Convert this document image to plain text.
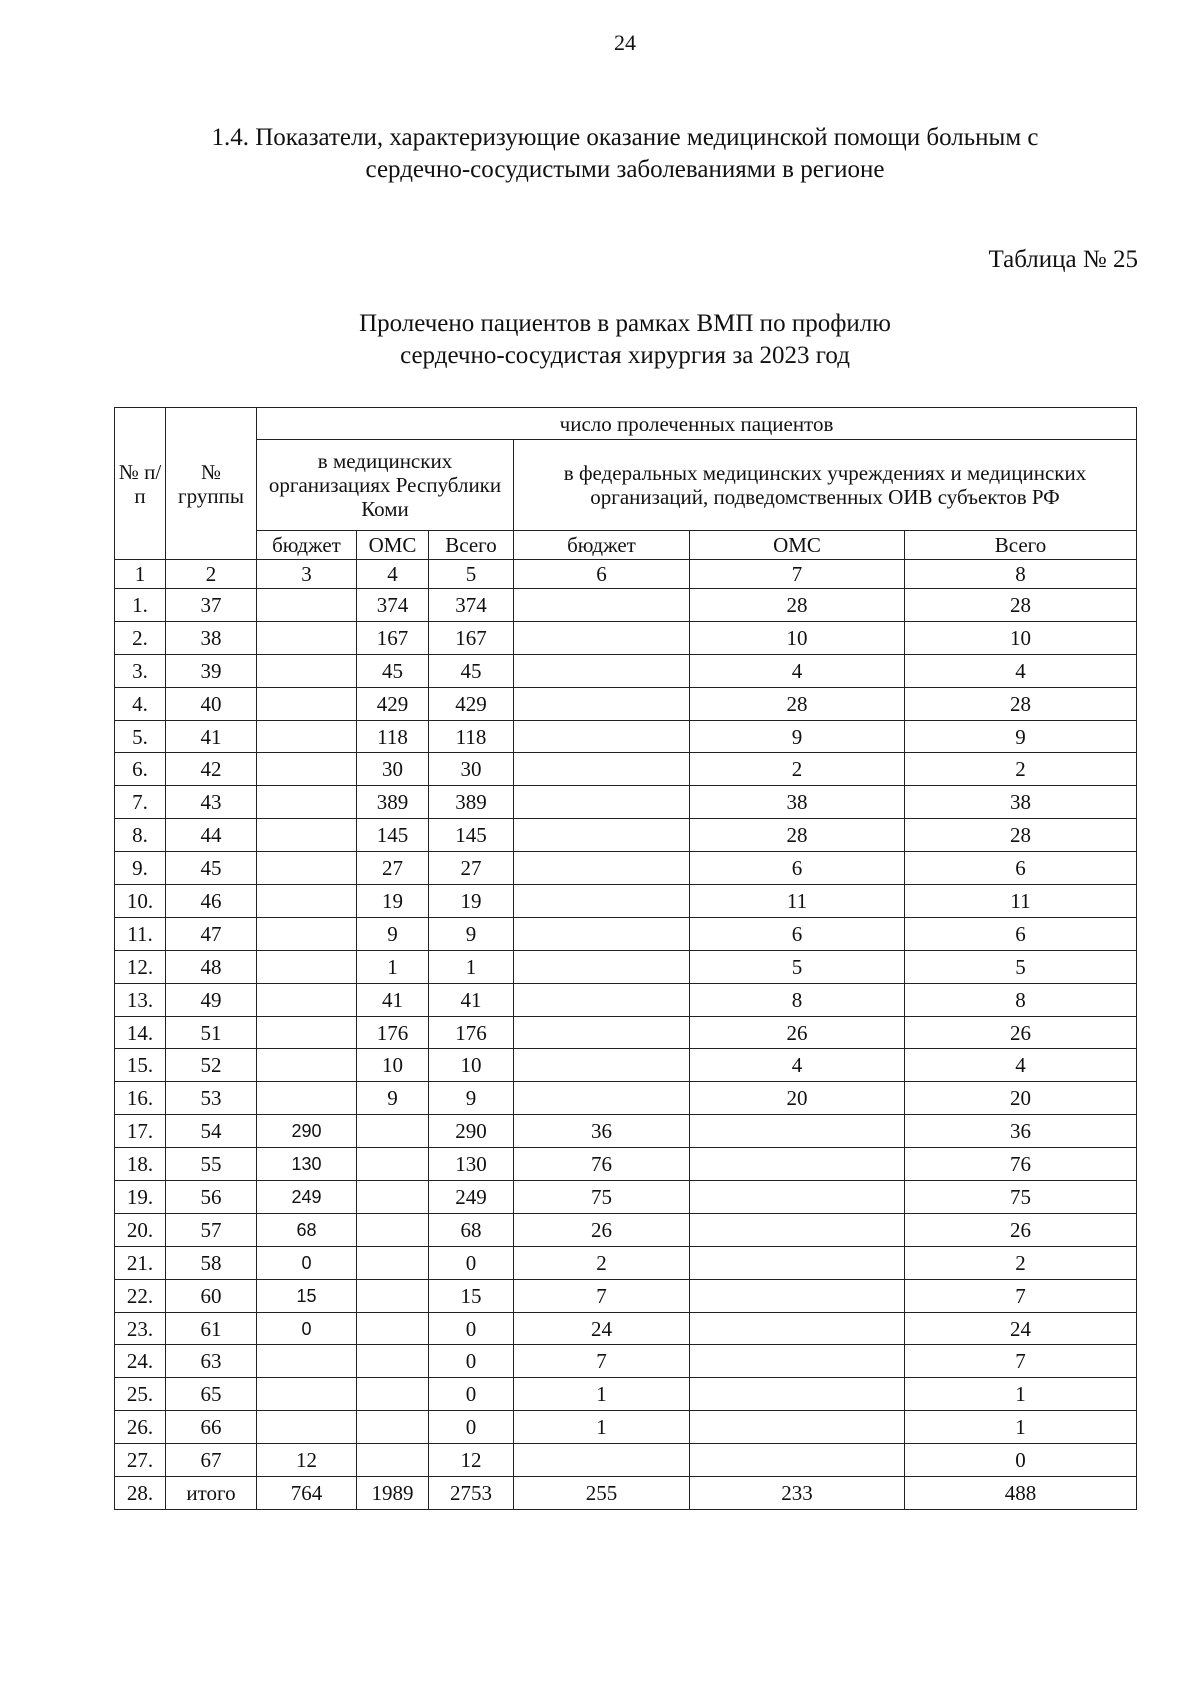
24
1.4. Показатели, характеризующие оказание медицинской помощи больным с
сердечно-сосудистыми заболеваниями в регионе
Таблица № 25
Пролечено пациентов в рамках ВМП по профилю
сердечно-сосудистая хирургия за 2023 год
№ п/п	№ группы	число пролеченных пациентов					
		в медицинских организациях Республики Коми			в федеральных медицинских учреждениях и медицинских организаций, подведомственных ОИВ субъектов РФ		
		бюджет	ОМС	Всего	бюджет	ОМС	Всего
1	2	3	4	5	6	7	8
1.	37		374	374		28	28
2.	38		167	167		10	10
3.	39		45	45		4	4
4.	40		429	429		28	28
5.	41		118	118		9	9
6.	42		30	30		2	2
7.	43		389	389		38	38
8.	44		145	145		28	28
9.	45		27	27		6	6
10.	46		19	19		11	11
11.	47		9	9		6	6
12.	48		1	1		5	5
13.	49		41	41		8	8
14.	51		176	176		26	26
15.	52		10	10		4	4
16.	53		9	9		20	20
17.	54	290		290	36		36
18.	55	130		130	76		76
19.	56	249		249	75		75
20.	57	68		68	26		26
21.	58	0		0	2		2
22.	60	15		15	7		7
23.	61	0		0	24		24
24.	63			0	7		7
25.	65			0	1		1
26.	66			0	1		1
27.	67	12		12			0
28.	итого	764	1989	2753	255	233	488
